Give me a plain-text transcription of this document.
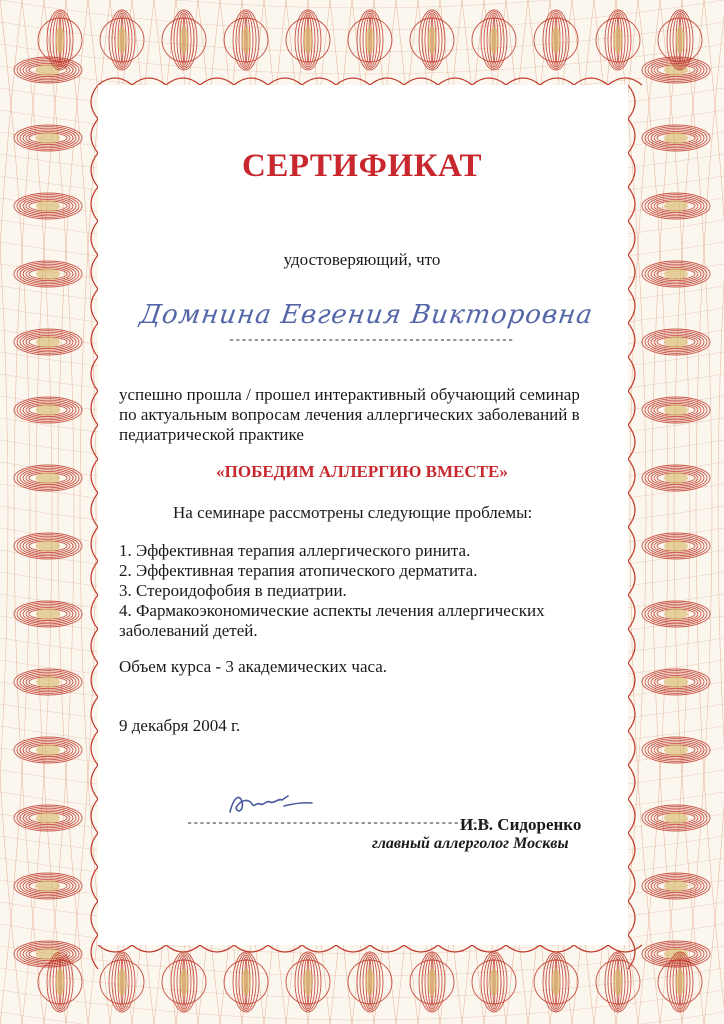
СЕРТИФИКАТ
удостоверяющий, что
Домнина Евгения Викторовна
----------------------------------------------
успешно прошла / прошел интерактивный обучающий семинар
по актуальным вопросам лечения аллергических заболеваний в
педиатрической практике
«ПОБЕДИМ АЛЛЕРГИЮ ВМЕСТЕ»
На семинаре рассмотрены следующие проблемы:
1. Эффективная терапия аллергического ринита.
2. Эффективная терапия атопического дерматита.
3. Стероидофобия в педиатрии.
4. Фармакоэкономические аспекты лечения аллергических
заболеваний детей.
Объем курса - 3 академических часа.
9 декабря 2004 г.
-------------------------------------------------
И.В. Сидоренко
главный аллерголог Москвы
